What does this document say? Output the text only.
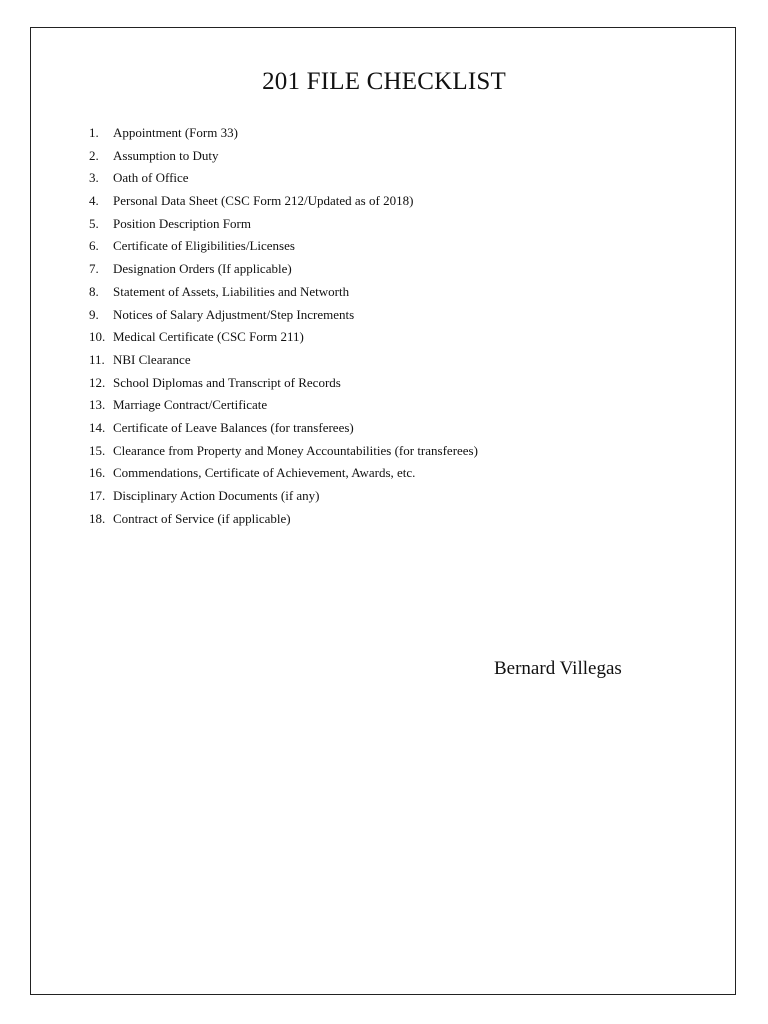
201 FILE CHECKLIST
1.	Appointment (Form 33)
2.	Assumption to Duty
3.	Oath of Office
4.	Personal Data Sheet (CSC Form 212/Updated as of 2018)
5.	Position Description Form
6.	Certificate of Eligibilities/Licenses
7.	Designation Orders (If applicable)
8.	Statement of Assets, Liabilities and Networth
9.	Notices of Salary Adjustment/Step Increments
10. Medical Certificate (CSC Form 211)
11. NBI Clearance
12. School Diplomas and Transcript of Records
13. Marriage Contract/Certificate
14. Certificate of Leave Balances (for transferees)
15. Clearance from Property and Money Accountabilities (for transferees)
16. Commendations, Certificate of Achievement, Awards, etc.
17. Disciplinary Action Documents (if any)
18. Contract of Service (if applicable)
Bernard Villegas
